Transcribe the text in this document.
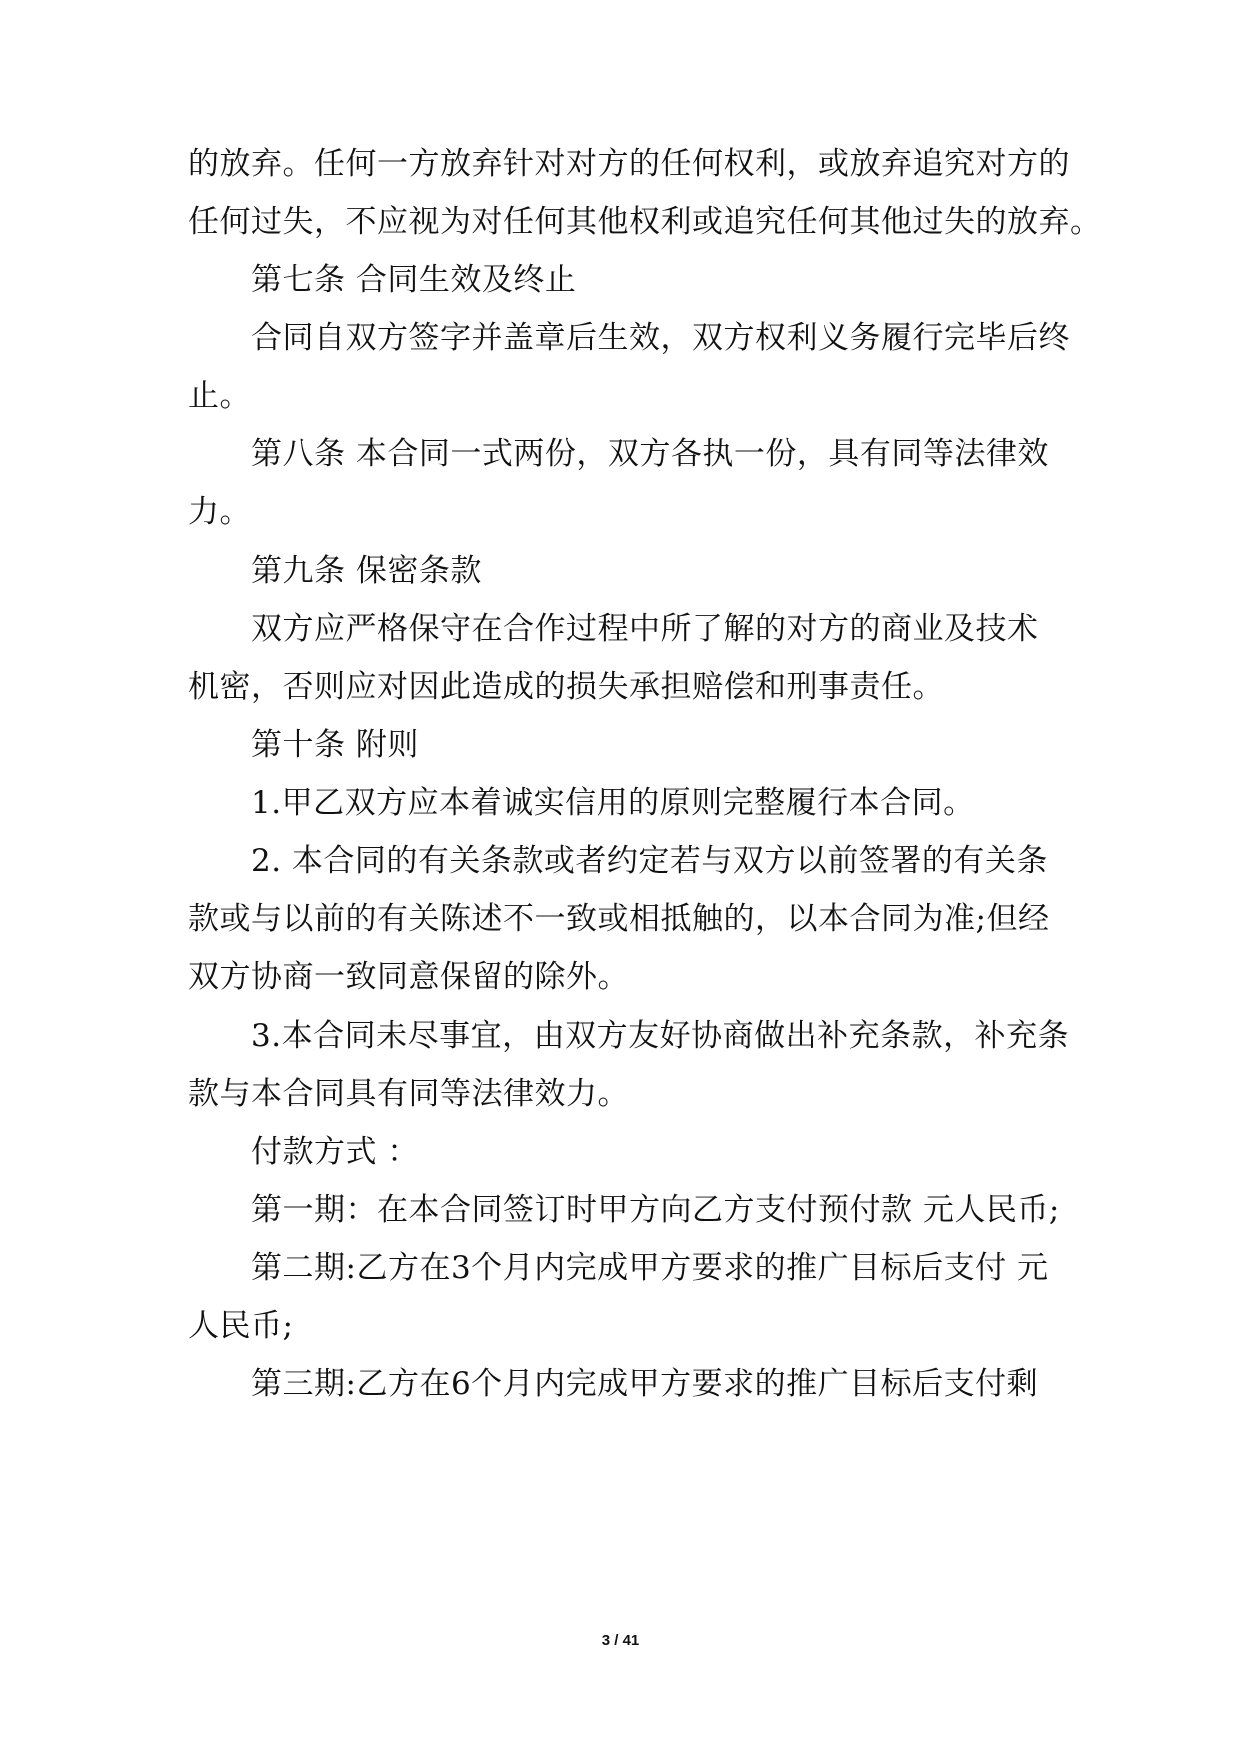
的放弃。任何一方放弃针对对方的任何权利，或放弃追究对方的
任何过失，不应视为对任何其他权利或追究任何其他过失的放弃。
第七条 合同生效及终止
合同自双方签字并盖章后生效，双方权利义务履行完毕后终
止。
第八条 本合同一式两份，双方各执一份，具有同等法律效
力。
第九条 保密条款
双方应严格保守在合作过程中所了解的对方的商业及技术
机密，否则应对因此造成的损失承担赔偿和刑事责任。
第十条 附则
1.甲乙双方应本着诚实信用的原则完整履行本合同。
2. 本合同的有关条款或者约定若与双方以前签署的有关条
款或与以前的有关陈述不一致或相抵触的，以本合同为准;但经
双方协商一致同意保留的除外。
3.本合同未尽事宜，由双方友好协商做出补充条款，补充条
款与本合同具有同等法律效力。
付款方式 ：
第一期：在本合同签订时甲方向乙方支付预付款 元人民币;
第二期:乙方在3个月内完成甲方要求的推广目标后支付 元
人民币;
第三期:乙方在6个月内完成甲方要求的推广目标后支付剩
3 / 41
